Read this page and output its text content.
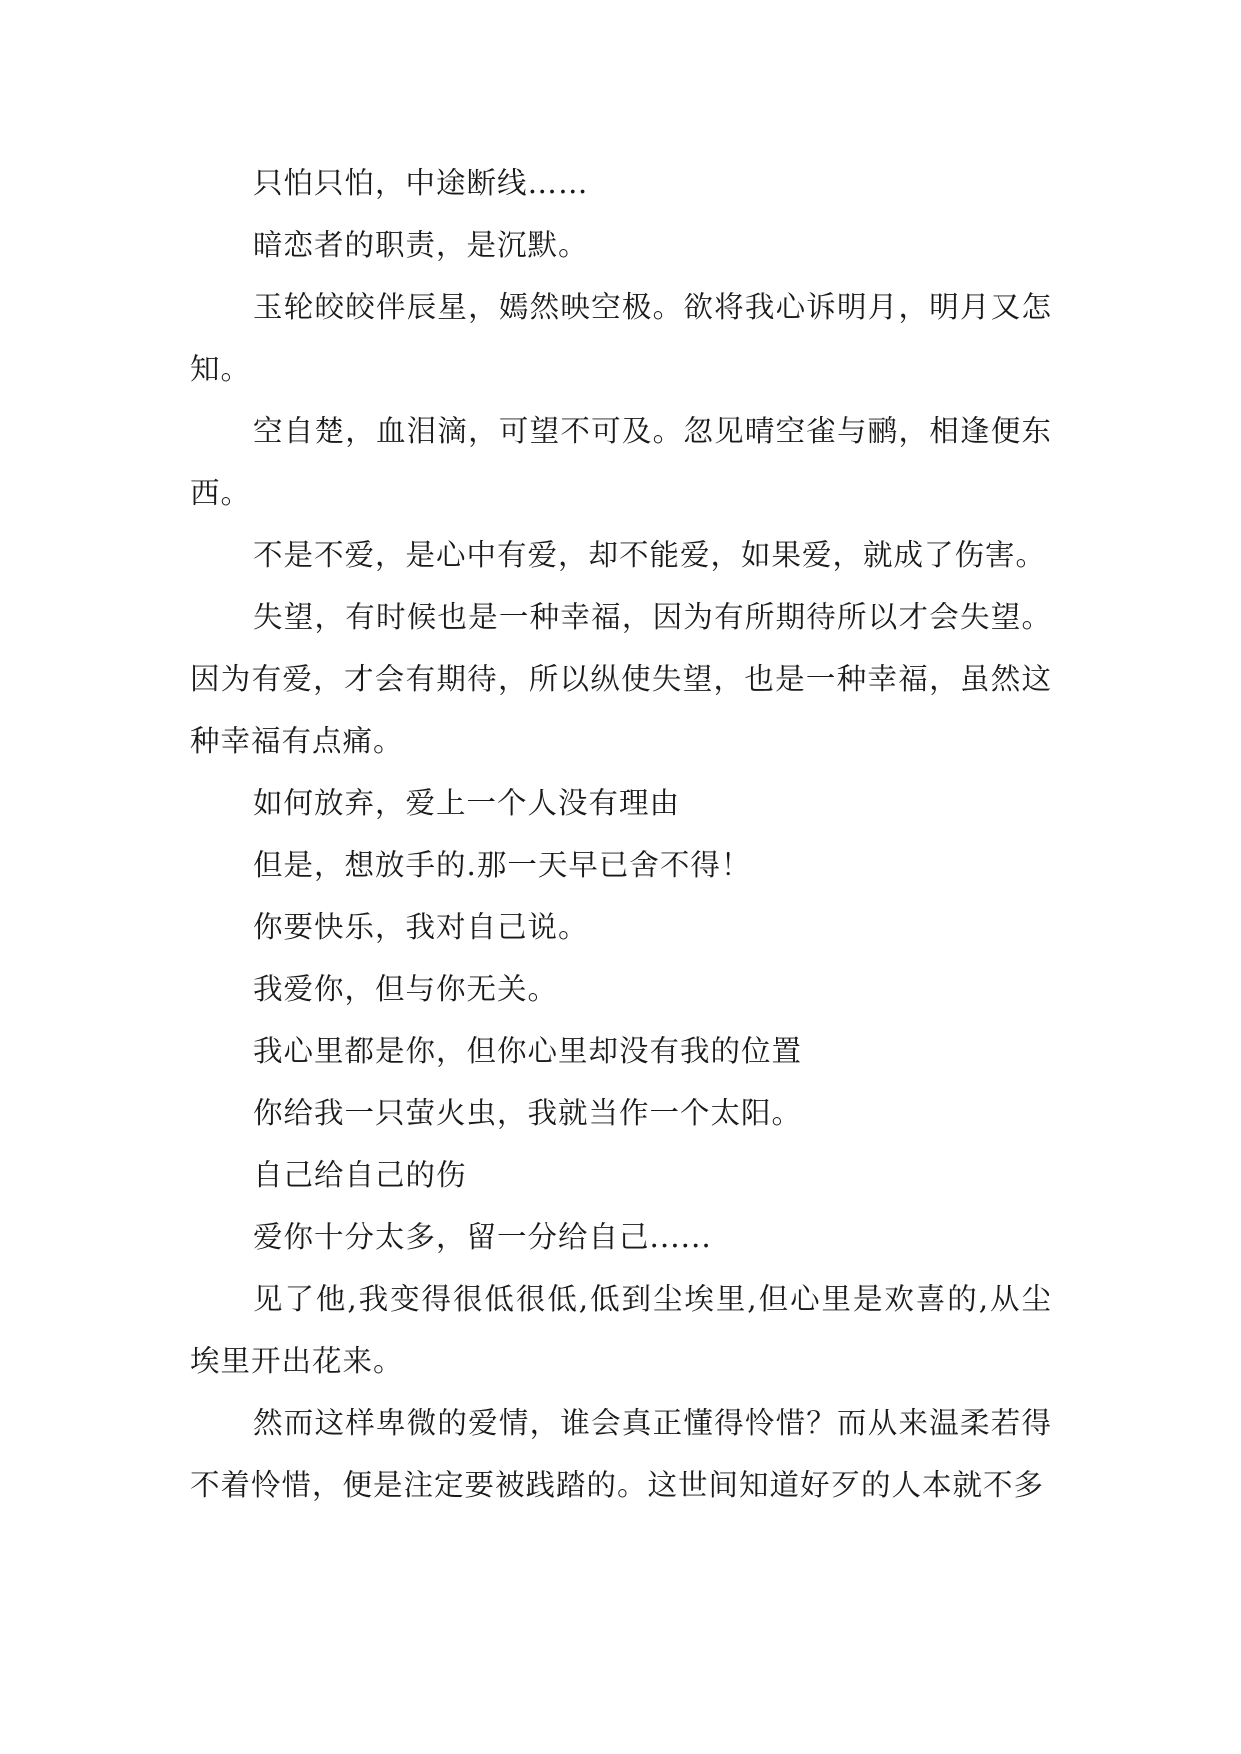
只怕只怕，中途断线……

暗恋者的职责，是沉默。

玉轮皎皎伴辰星，嫣然映空极。欲将我心诉明月，明月又怎知。

空自楚，血泪滴，可望不可及。忽见晴空雀与鹂，相逢便东西。

不是不爱，是心中有爱，却不能爱，如果爱，就成了伤害。

失望，有时候也是一种幸福，因为有所期待所以才会失望。因为有爱，才会有期待，所以纵使失望，也是一种幸福，虽然这种幸福有点痛。

如何放弃，爱上一个人没有理由

但是，想放手的.那一天早已舍不得！

你要快乐，我对自己说。

我爱你，但与你无关。

我心里都是你，但你心里却没有我的位置

你给我一只萤火虫，我就当作一个太阳。

自己给自己的伤

爱你十分太多，留一分给自己......

见了他,我变得很低很低,低到尘埃里,但心里是欢喜的,从尘埃里开出花来。

然而这样卑微的爱情，谁会真正懂得怜惜？而从来温柔若得不着怜惜，便是注定要被践踏的。这世间知道好歹的人本就不多
